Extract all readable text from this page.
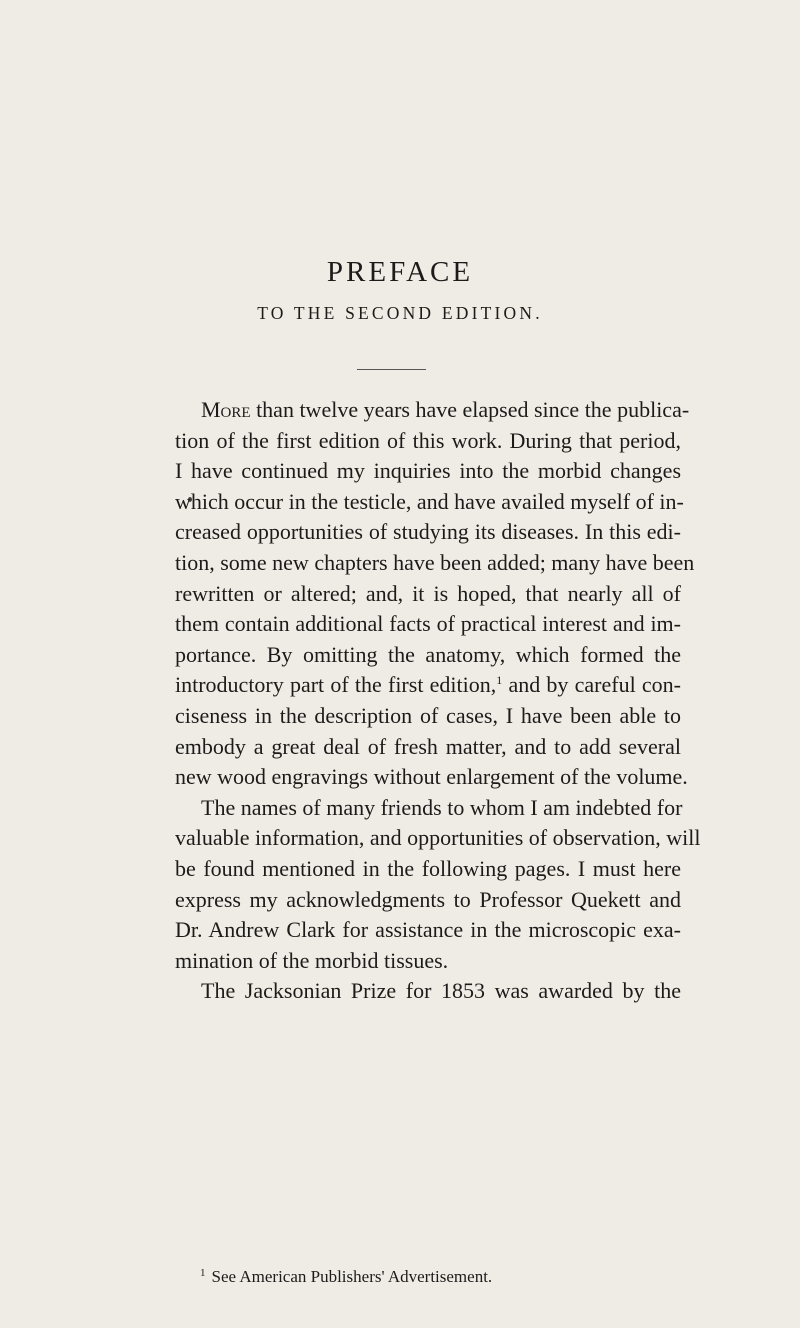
PREFACE
TO THE SECOND EDITION.
More than twelve years have elapsed since the publica-
tion of the first edition of this work. During that period,
I have continued my inquiries into the morbid changes
which occur in the testicle, and have availed myself of in-
creased opportunities of studying its diseases. In this edi-
tion, some new chapters have been added; many have been
rewritten or altered; and, it is hoped, that nearly all of
them contain additional facts of practical interest and im-
portance. By omitting the anatomy, which formed the
introductory part of the first edition,$^1$ and by careful con-
ciseness in the description of cases, I have been able to
embody a great deal of fresh matter, and to add several
new wood engravings without enlargement of the volume.
The names of many friends to whom I am indebted for
valuable information, and opportunities of observation, will
be found mentioned in the following pages. I must here
express my acknowledgments to Professor Quekett and
Dr. Andrew Clark for assistance in the microscopic exa-
mination of the morbid tissues.
The Jacksonian Prize for 1853 was awarded by the
$^1$ See American Publishers' Advertisement.
